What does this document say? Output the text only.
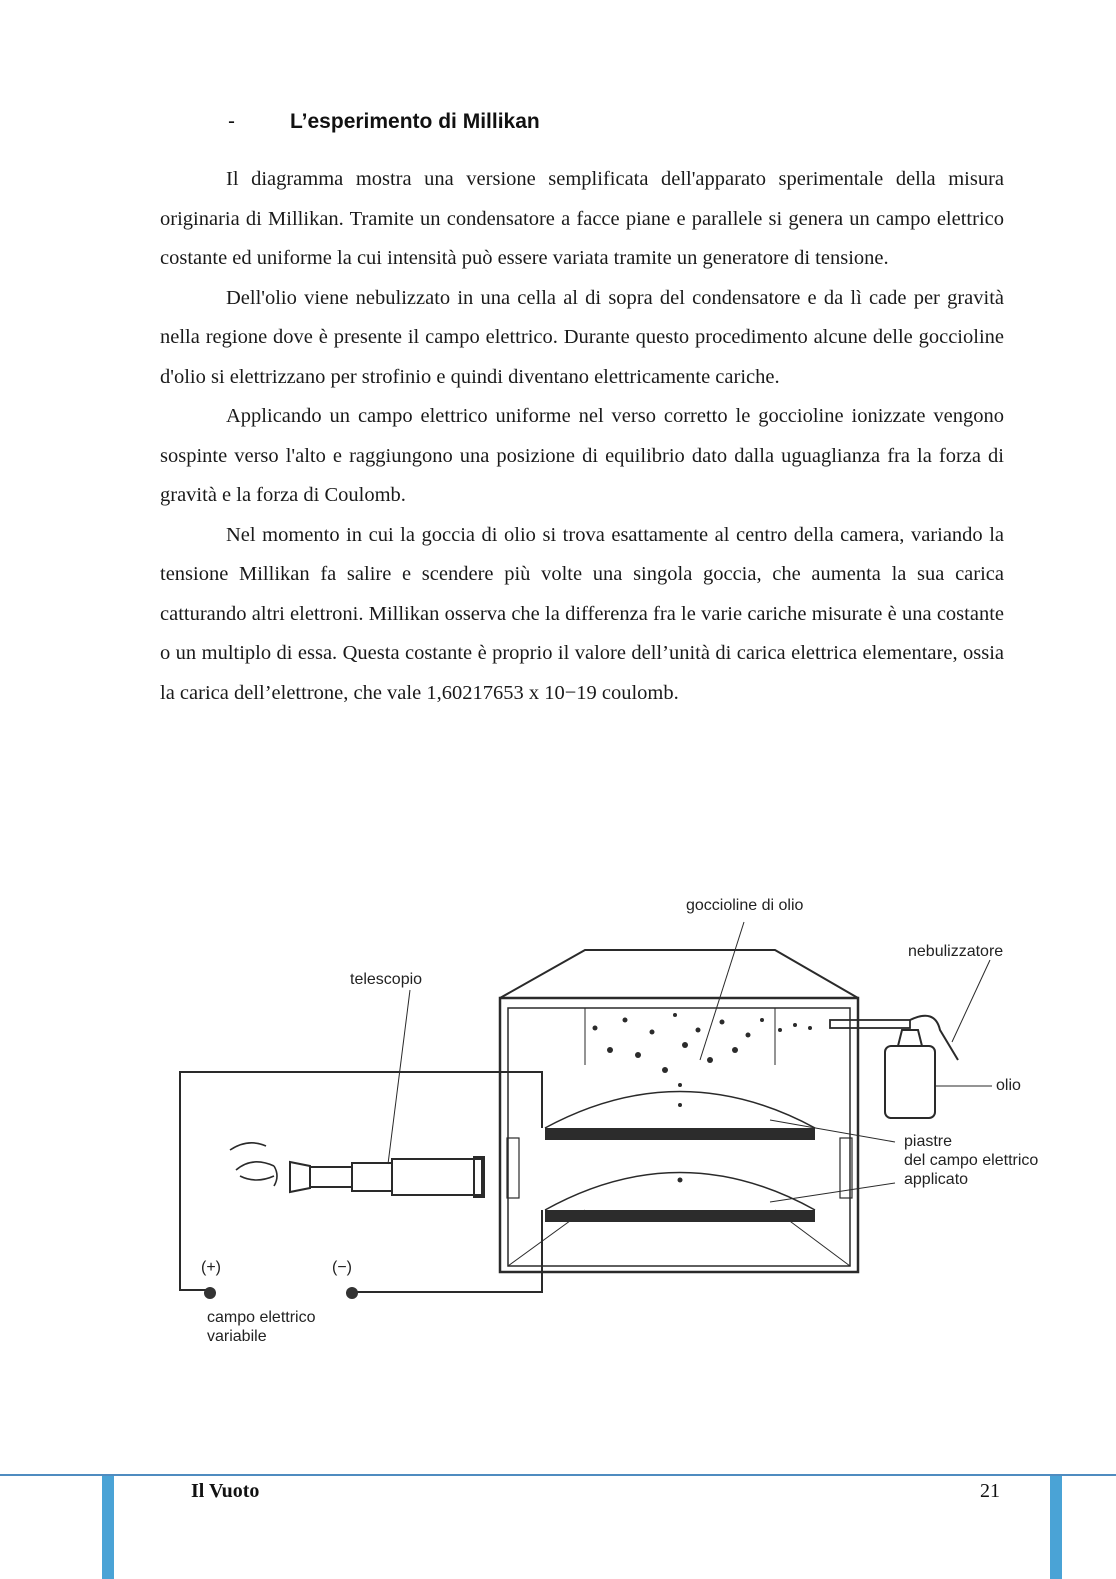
-	L’esperimento di Millikan

Il diagramma mostra una versione semplificata dell'apparato sperimentale della misura originaria di Millikan. Tramite un condensatore a facce piane e parallele si genera un campo elettrico costante ed uniforme la cui intensità può essere variata tramite un generatore di tensione.

Dell'olio viene nebulizzato in una cella al di sopra del condensatore e da lì cade per gravità nella regione dove è presente il campo elettrico. Durante questo procedimento alcune delle goccioline d'olio si elettrizzano per strofinio e quindi diventano elettricamente cariche.

Applicando un campo elettrico uniforme nel verso corretto le goccioline ionizzate vengono sospinte verso l'alto e raggiungono una posizione di equilibrio dato dalla uguaglianza fra la forza di gravità e la forza di Coulomb.

Nel momento in cui la goccia di olio si trova esattamente al centro della camera, variando la tensione Millikan fa salire e scendere più volte una singola goccia, che aumenta la sua carica catturando altri elettroni. Millikan osserva che la differenza fra le varie cariche misurate è una costante o un multiplo di essa. Questa costante è proprio il valore dell’unità di carica elettrica elementare, ossia la carica dell’elettrone, che vale 1,60217653 x 10−19 coulomb.

goccioline di olio
nebulizzatore
telescopio
olio
piastre
del campo elettrico
applicato
(+)	(−)
campo elettrico
variabile
Il Vuoto	21
